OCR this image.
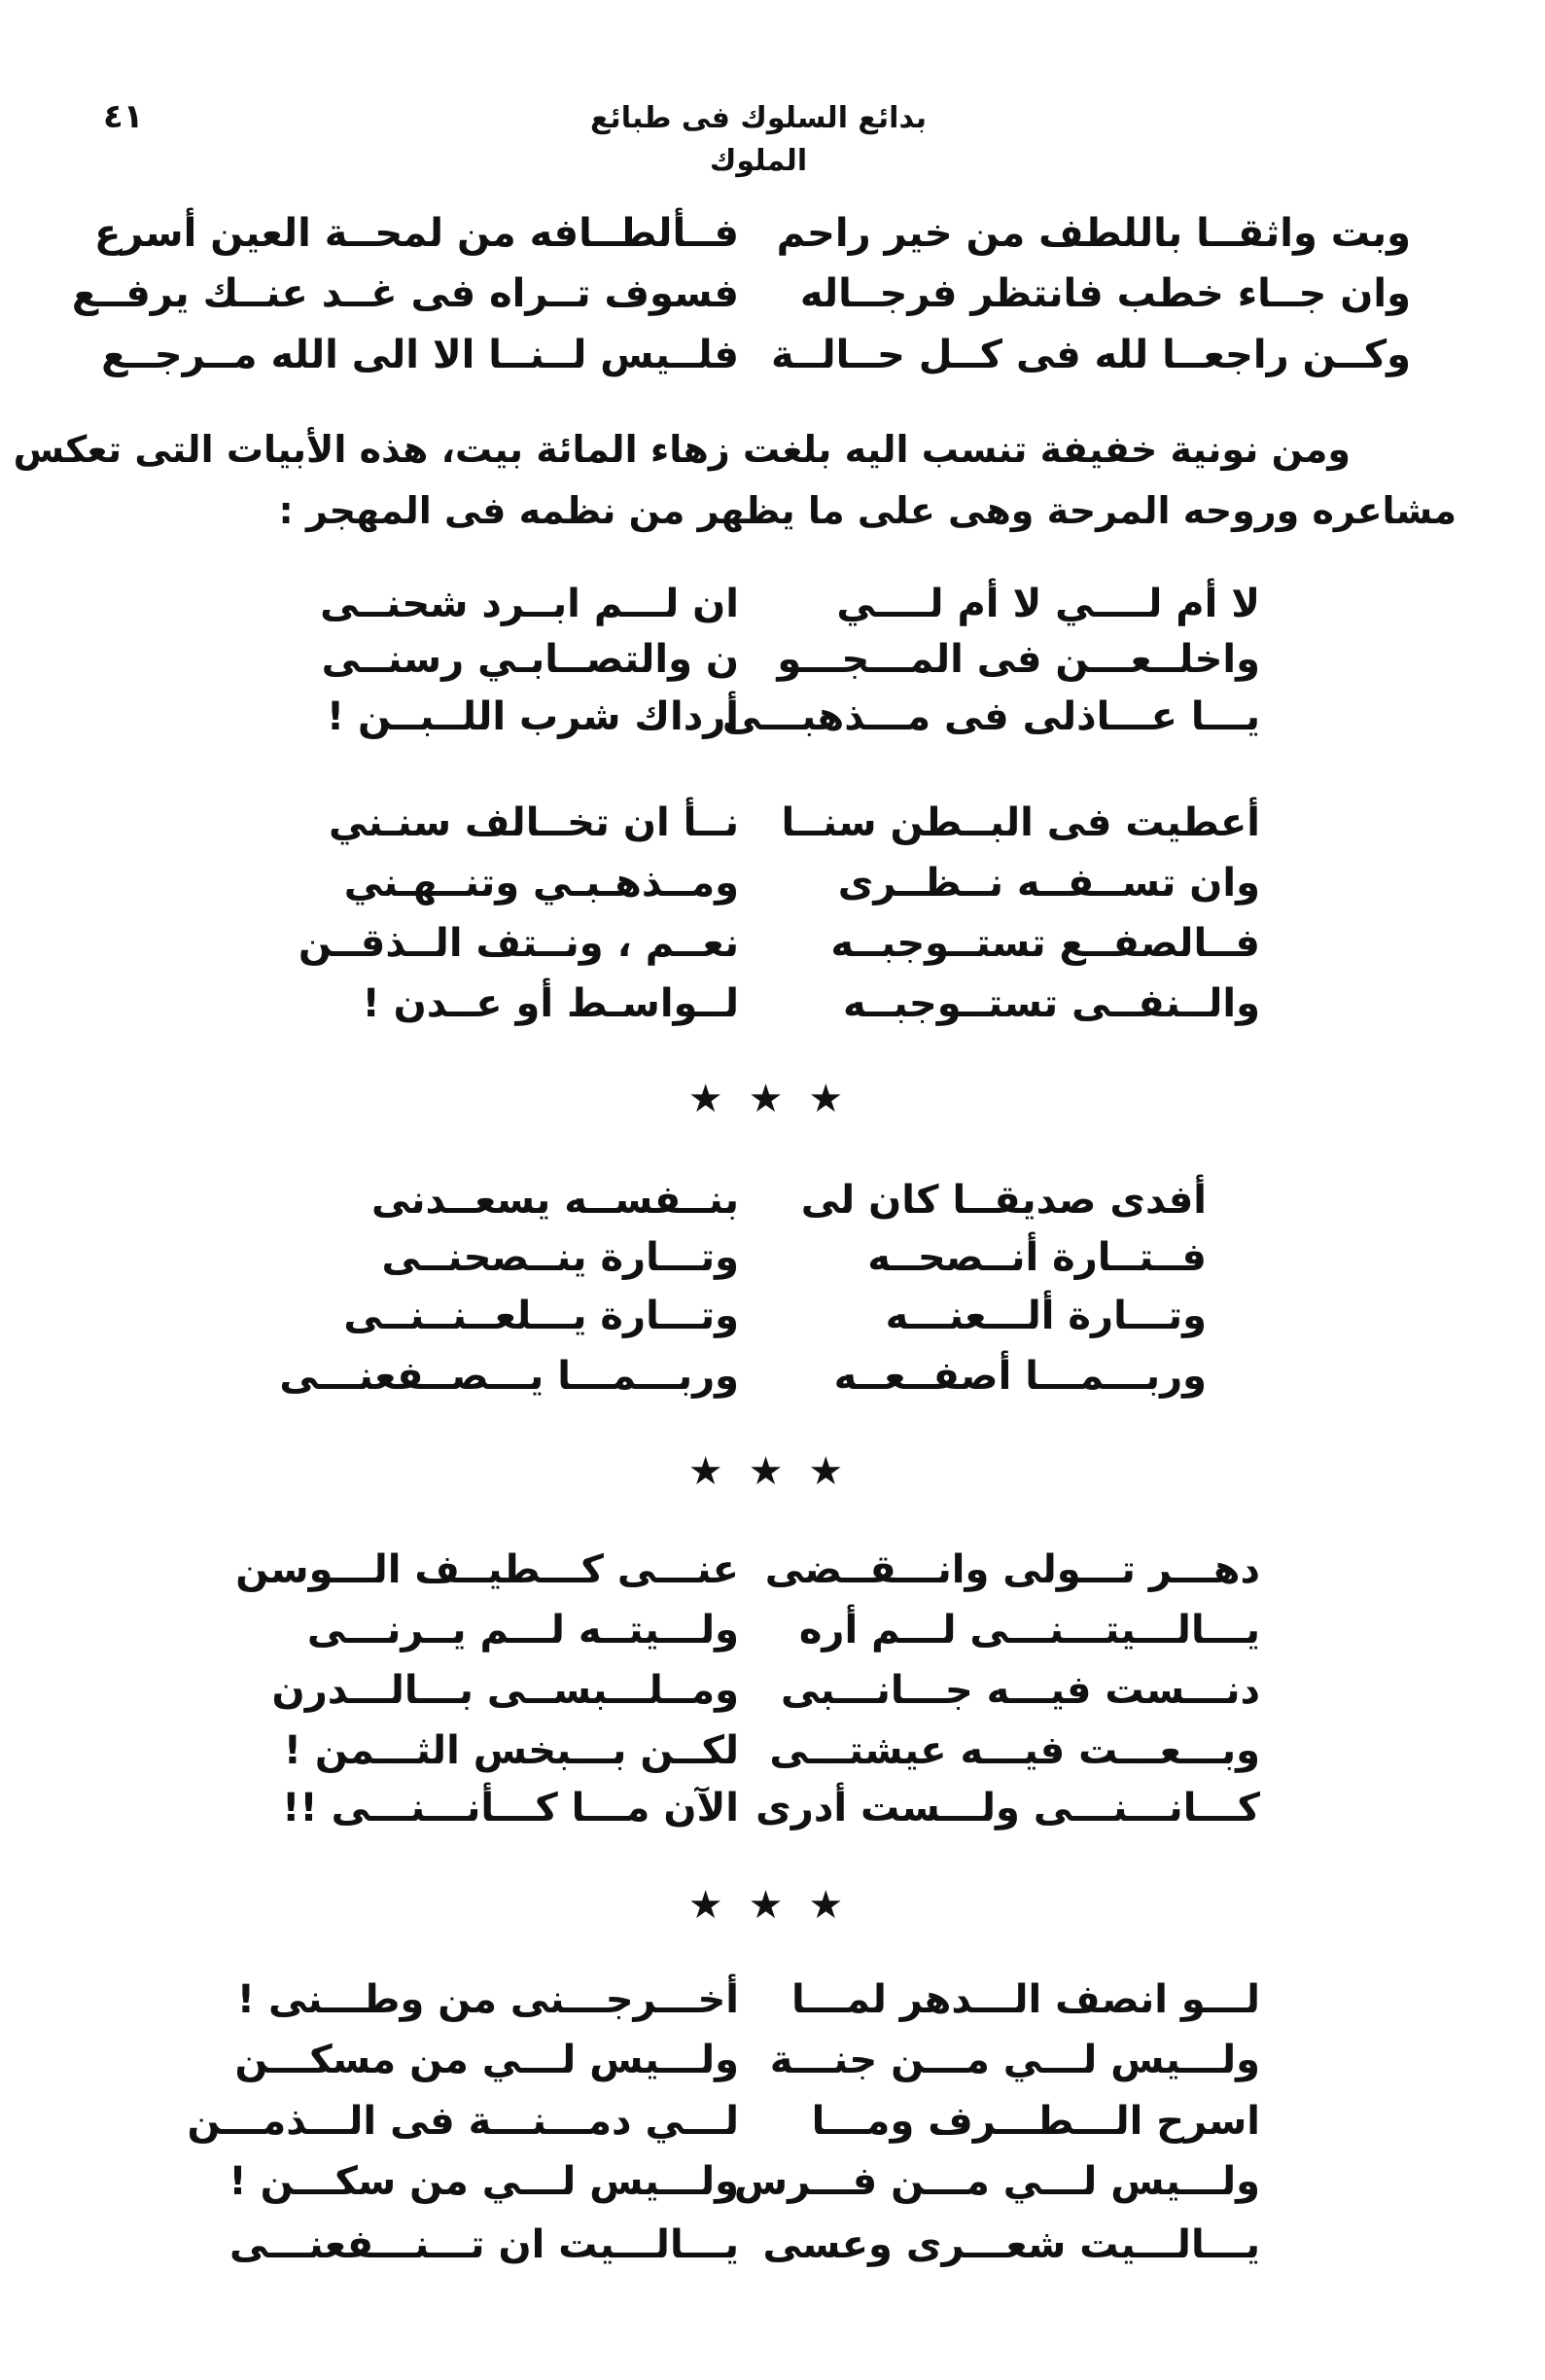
٤١	بدائع السلوك فى طبائع الملوك
وبت واثقــا باللطف من خير راحم
فــألطــافه من لمحــة العين أسرع
وان جــاء خطب فانتظر فرجــاله
فسوف تــراه فى غــد عنــك يرفــع
وكــن راجعــا لله فى كــل حــالــة
فلــيس لــنــا الا الى الله مــرجــع
ومن نونية خفيفة تنسب اليه بلغت زهاء المائة بيت، هذه الأبيات التى تعكس
مشاعره وروحه المرحة وهى على ما يظهر من نظمه فى المهجر :
لا أم لــــي لا أم لــــي
ان لـــم ابــرد شحنــى
واخلــعـــن فى المـــجـــو
ن والتصــابـي رسنــى
يـــا عـــاذلى فى مـــذهبـــى
أرداك شرب اللــبــن !
أعطيت فى البــطن سنــا
نــأ ان تخــالف سنـني
وان تســفــه نــظــرى
ومــذهـبـي وتنــهـني
فــالصفــع تستــوجبــه
نعــم ، ونــتف الــذقــن
والــنفــى تستــوجبــه
لــواسـط أو عــدن !
★ ★ ★
أفدى صديقــا كان لى
بنــفســه يسعــدنى
فــتــارة أنــصحــه
وتـــارة ينــصحنــى
وتـــارة ألـــعنـــه
وتـــارة يـــلعــنــنــى
وربـــمـــا أصفــعــه
وربـــمـــا يـــصــفعنـــى
★ ★ ★
دهـــر تـــولى وانـــقــضى
عنـــى كـــطيــف الـــوسن
يـــالـــيتـــنـــى لـــم أره
ولـــيتــه لـــم يــرنـــى
دنـــست فيـــه جـــانـــبى
ومــلـــبســى بـــالـــدرن
وبـــعـــت فيـــه عيشتـــى
لكــن بـــبخس الثـــمن !
كـــانـــنـــى ولـــست أدرى
الآن مـــا كـــأنـــنـــى !!
★ ★ ★
لـــو انصف الـــدهر لمـــا
أخـــرجـــنى من وطـــنى !
ولـــيس لـــي مـــن جنـــة
ولـــيس لـــي من مسكـــن
اسرح الـــطـــرف ومـــا
لـــي دمـــنـــة فى الـــذمـــن
ولـــيس لـــي مـــن فـــرس
ولـــيس لـــي من سكـــن !
يـــالـــيت شعـــرى وعسى
يـــالـــيت ان تـــنـــفعنـــى
